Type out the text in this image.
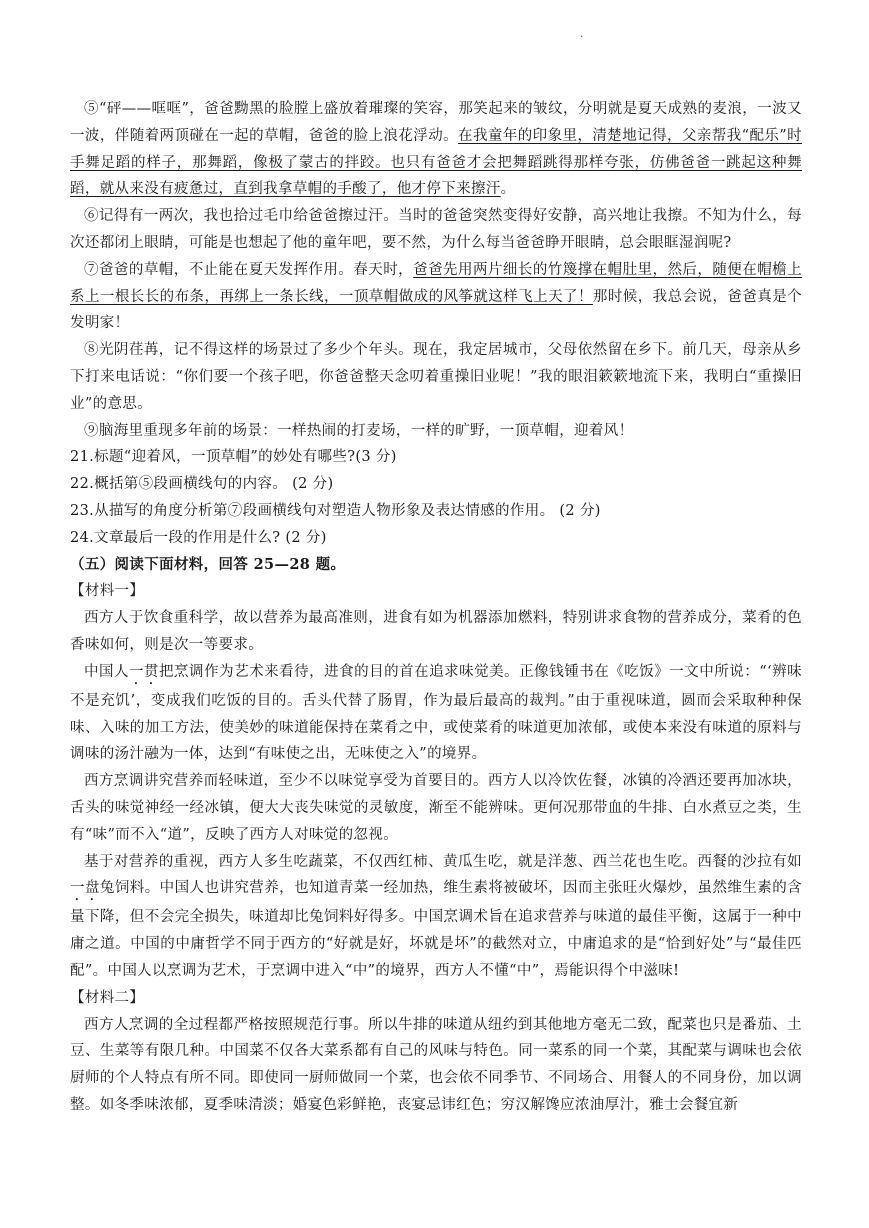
·

⑤“砰——哐哐”，爸爸黝黑的脸膛上盛放着璀璨的笑容，那笑起来的皱纹，分明就是夏天成熟的麦浪，一波又一波，伴随着两顶碰在一起的草帽，爸爸的脸上浪花浮动。在我童年的印象里，清楚地记得，父亲帮我“配乐”时手舞足蹈的样子，那舞蹈，像极了蒙古的拌跤。也只有爸爸才会把舞蹈跳得那样夸张，仿佛爸爸一跳起这种舞蹈，就从来没有疲惫过，直到我拿草帽的手酸了，他才停下来擦汗。

⑥记得有一两次，我也拾过毛巾给爸爸擦过汗。当时的爸爸突然变得好安静，高兴地让我擦。不知为什么，每次还都闭上眼睛，可能是也想起了他的童年吧，要不然，为什么每当爸爸睁开眼睛，总会眼眶湿润呢?

⑦爸爸的草帽，不止能在夏天发挥作用。春天时，爸爸先用两片细长的竹篾撑在帽肚里，然后，随便在帽檐上系上一根长长的布条，再绑上一条长线，一顶草帽做成的风筝就这样飞上天了！那时候，我总会说，爸爸真是个发明家！

⑧光阴荏苒，记不得这样的场景过了多少个年头。现在，我定居城市，父母依然留在乡下。前几天，母亲从乡下打来电话说：“你们要一个孩子吧，你爸爸整天念叨着重操旧业呢！”我的眼泪簌簌地流下来，我明白“重操旧业”的意思。

⑨脑海里重现多年前的场景：一样热闹的打麦场，一样的旷野，一顶草帽，迎着风！

21.标题“迎着风，一顶草帽”的妙处有哪些?(3 分)

22.概括第⑤段画横线句的内容。 (2 分)

23.从描写的角度分析第⑦段画横线句对塑造人物形象及表达情感的作用。 (2 分)

24.文章最后一段的作用是什么? (2 分)

（五）阅读下面材料，回答 25—28 题。

【材料一】

西方人于饮食重科学，故以营养为最高准则，进食有如为机器添加燃料，特别讲求食物的营养成分，菜肴的色香味如何，则是次一等要求。

中国人一贯把烹调作为艺术来看待，进食的目的首在追求味觉美。正像钱锺书在《吃饭》一文中所说：“‘辨味不是充饥’，变成我们吃饭的目的。舌头代替了肠胃，作为最后最高的裁判。”由于重视味道，圆而会采取种种保味、入味的加工方法，使美妙的味道能保持在菜肴之中，或使菜肴的味道更加浓郁，或使本来没有味道的原料与调味的汤汁融为一体，达到“有味使之出，无味使之入”的境界。

西方烹调讲究营养而轻味道，至少不以味觉享受为首要目的。西方人以冷饮佐餐，冰镇的冷酒还要再加冰块，舌头的味觉神经一经冰镇，便大大丧失味觉的灵敏度，渐至不能辨味。更何况那带血的牛排、白水煮豆之类，生有“味”而不入“道”，反映了西方人对味觉的忽视。

基于对营养的重视，西方人多生吃蔬菜，不仅西红柿、黄瓜生吃，就是洋葱、西兰花也生吃。西餐的沙拉有如一盘兔饲料。中国人也讲究营养，也知道青菜一经加热，维生素将被破坏，因而主张旺火爆炒，虽然维生素的含量下降，但不会完全损失，味道却比兔饲料好得多。中国烹调术旨在追求营养与味道的最佳平衡，这属于一种中庸之道。中国的中庸哲学不同于西方的“好就是好，坏就是坏”的截然对立，中庸追求的是“恰到好处”与“最佳匹配”。中国人以烹调为艺术，于烹调中进入“中”的境界，西方人不懂“中”，焉能识得个中滋味!

【材料二】

西方人烹调的全过程都严格按照规范行事。所以牛排的味道从纽约到其他地方毫无二致，配菜也只是番茄、土豆、生菜等有限几种。中国菜不仅各大菜系都有自己的风味与特色。同一菜系的同一个菜，其配菜与调味也会依厨师的个人特点有所不同。即使同一厨师做同一个菜，也会依不同季节、不同场合、用餐人的不同身份，加以调整。如冬季味浓郁，夏季味清淡；婚宴色彩鲜艳，丧宴忌讳红色；穷汉解馋应浓油厚汁，雅士会餐宜新
